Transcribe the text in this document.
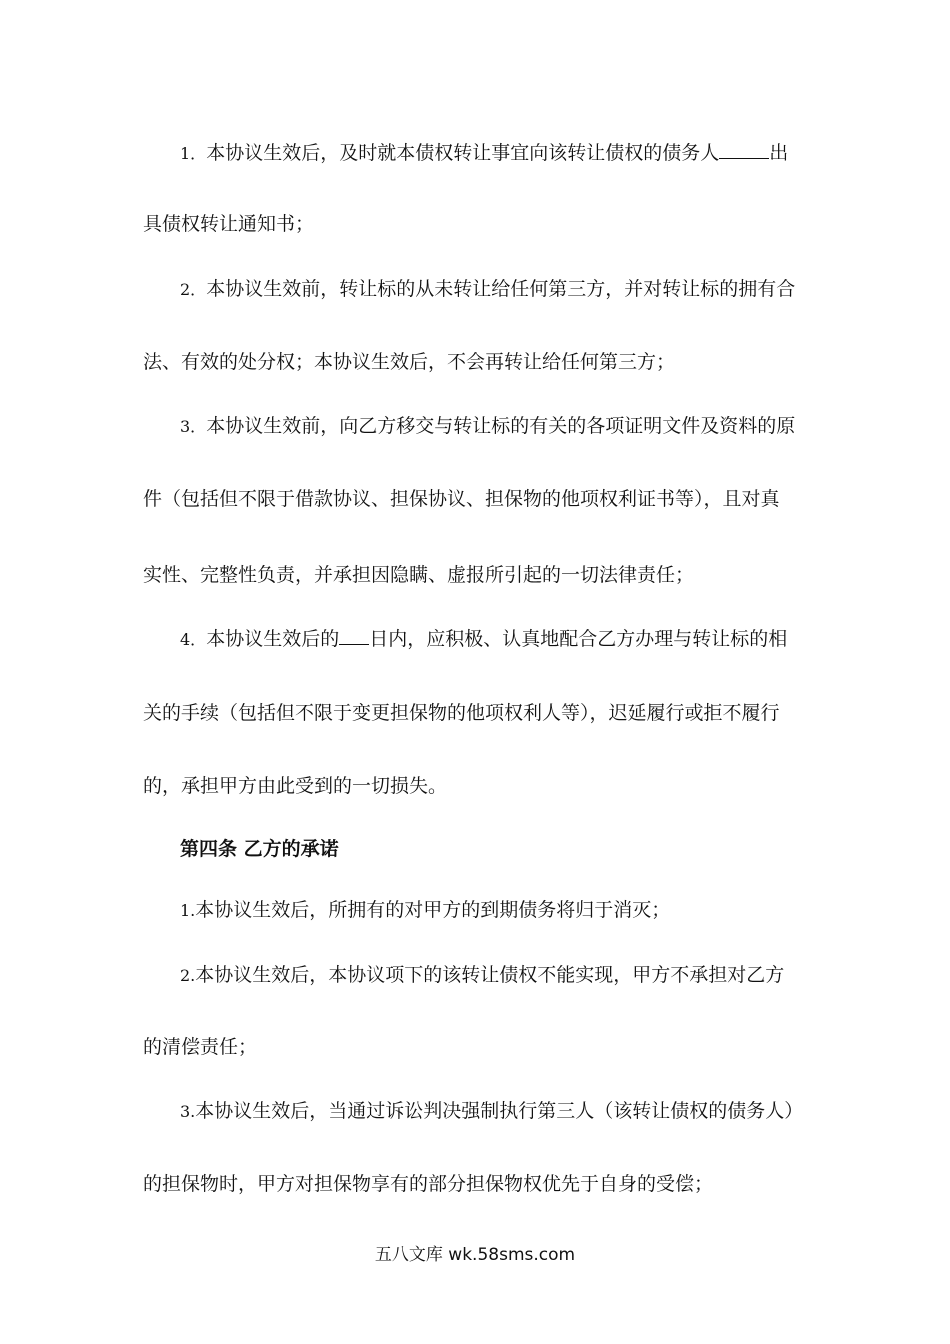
1．本协议生效后，及时就本债权转让事宜向该转让债权的债务人	出
具债权转让通知书；
2．本协议生效前，转让标的从未转让给任何第三方，并对转让标的拥有合
法、有效的处分权；本协议生效后，不会再转让给任何第三方；
3．本协议生效前，向乙方移交与转让标的有关的各项证明文件及资料的原
件（包括但不限于借款协议、担保协议、担保物的他项权利证书等），且对真
实性、完整性负责，并承担因隐瞒、虚报所引起的一切法律责任；
4．本协议生效后的 日内，应积极、认真地配合乙方办理与转让标的相
关的手续（包括但不限于变更担保物的他项权利人等），迟延履行或拒不履行
的，承担甲方由此受到的一切损失。
第四条 乙方的承诺
1.本协议生效后，所拥有的对甲方的到期债务将归于消灭；
2.本协议生效后，本协议项下的该转让债权不能实现，甲方不承担对乙方
的清偿责任；
3.本协议生效后，当通过诉讼判决强制执行第三人（该转让债权的债务人）
的担保物时，甲方对担保物享有的部分担保物权优先于自身的受偿；
五八文库 wk.58sms.com
